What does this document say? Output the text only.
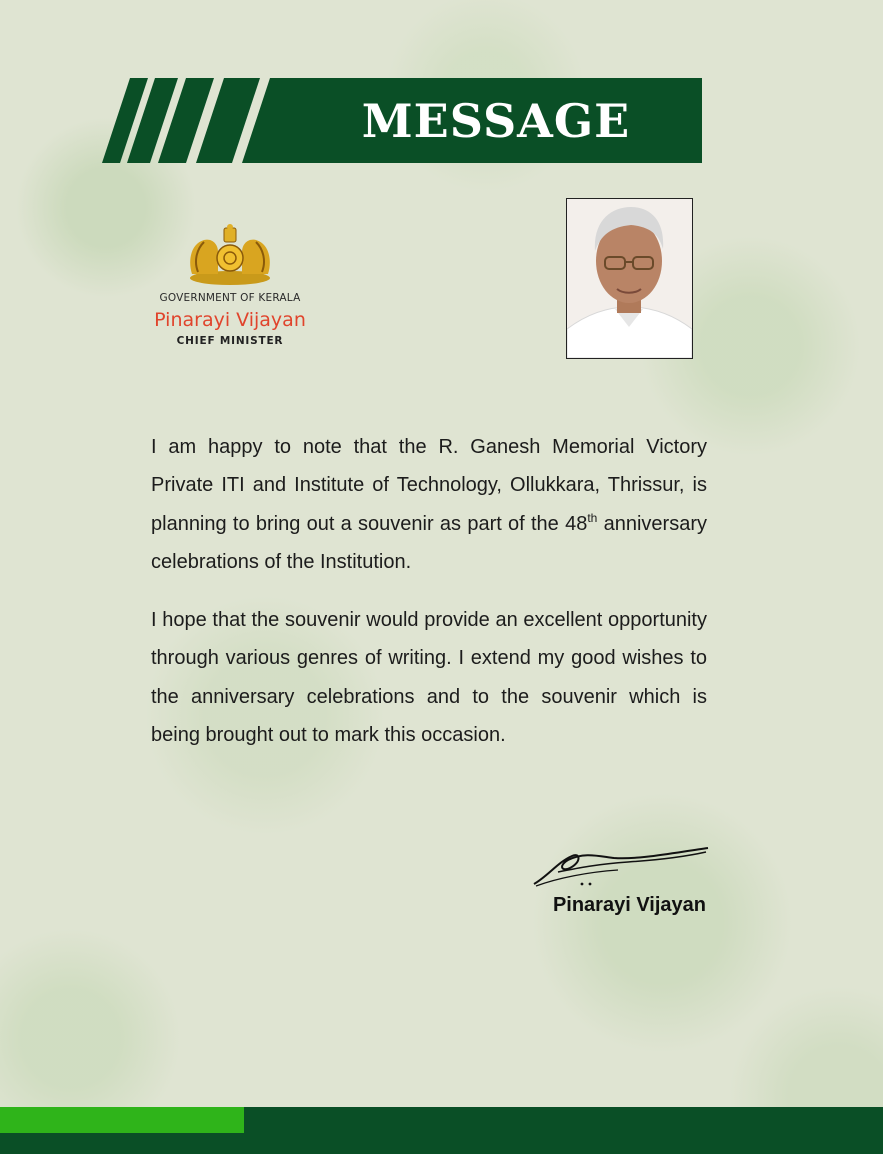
MESSAGE
GOVERNMENT OF KERALA
Pinarayi Vijayan
CHIEF MINISTER

I am happy to note that the R. Ganesh Memorial Victory Private ITI and Institute of Technology, Ollukkara, Thrissur, is planning to bring out a souvenir as part of the 48th anniversary celebrations of the Institution.

I hope that the souvenir would provide an excellent opportunity through various genres of writing. I extend my good wishes to the anniversary celebrations and to the souvenir which is being brought out to mark this occasion.

Pinarayi Vijayan
